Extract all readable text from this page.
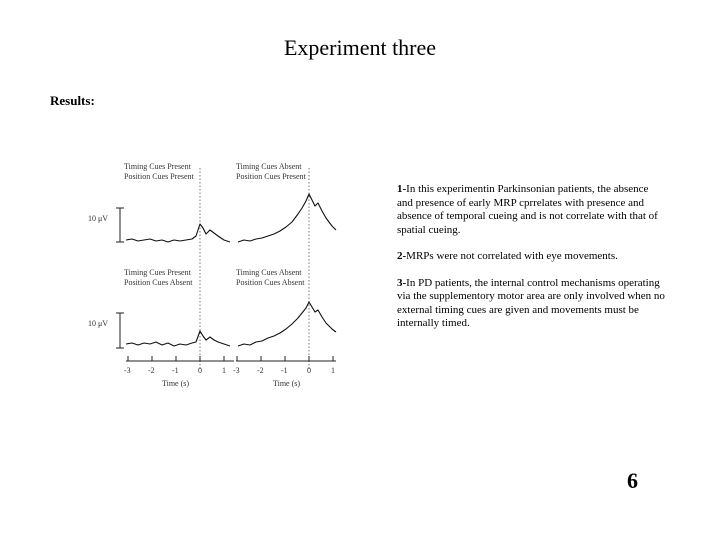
Experiment three
Results:
Timing Cues Present
Position Cues Present
Timing Cues Absent
Position Cues Present
Timing Cues Present
Position Cues Absent
Timing Cues Absent
Position Cues Absent
10 μV
10 μV
-3 -2 -1 0	1 -3 -2 -1 0	1
Time (s)	Time (s)
1-In this experimentin Parkinsonian patients, the absence and presence of early MRP cprrelates with presence and absence of temporal cueing and is not correlate with that of spatial cueing.
2-MRPs were not correlated with eye movements.
3-In PD patients, the internal control mechanisms operating via the supplementory motor area are only involved when no external timing cues are given and movements must be internally timed.
6
